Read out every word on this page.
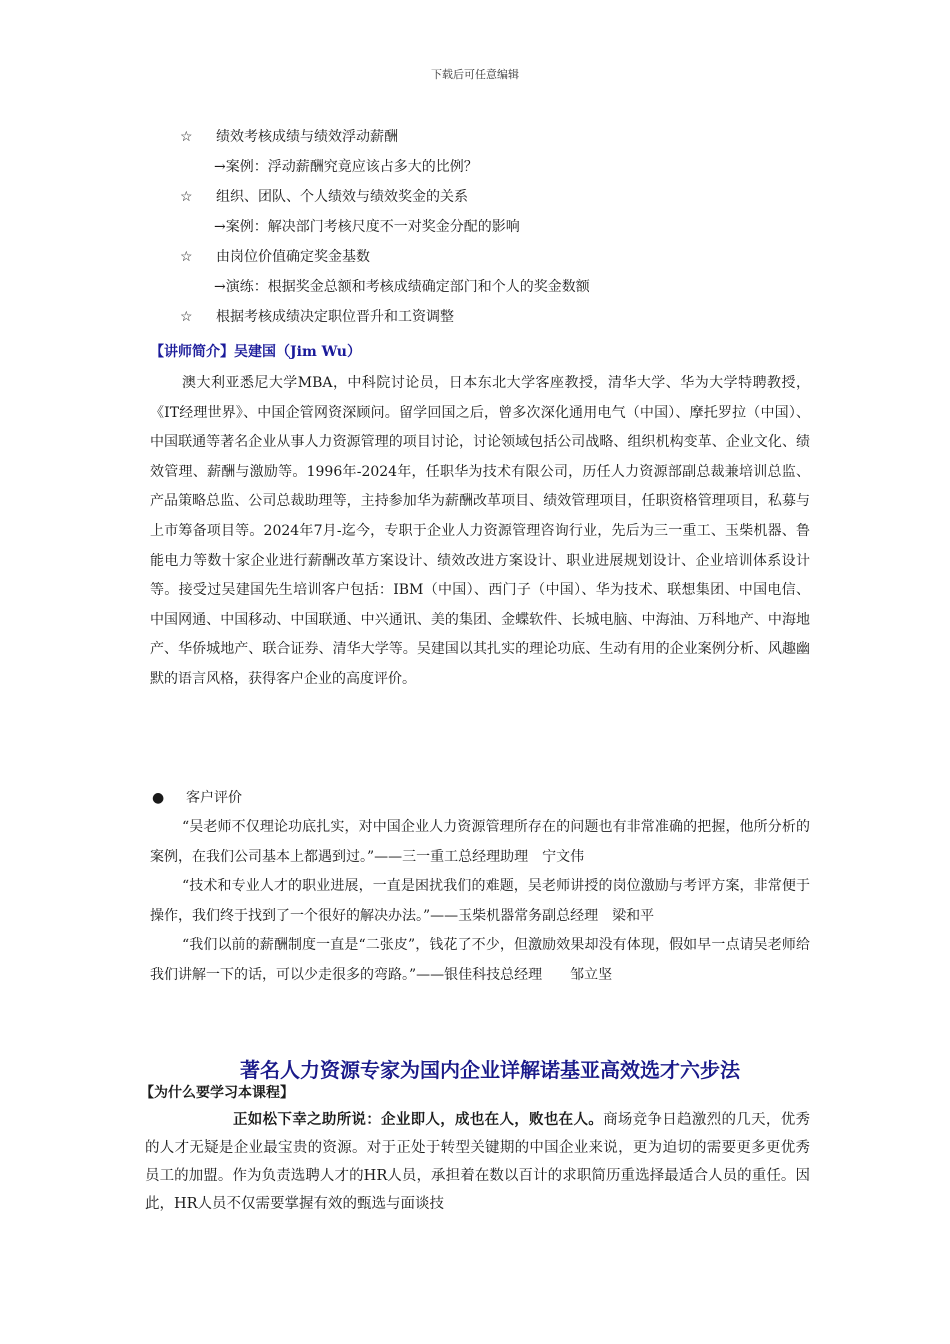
下载后可任意编辑
☆ 绩效考核成绩与绩效浮动薪酬
→案例：浮动薪酬究竟应该占多大的比例？
☆ 组织、团队、个人绩效与绩效奖金的关系
→案例：解决部门考核尺度不一对奖金分配的影响
☆ 由岗位价值确定奖金基数
→演练：根据奖金总额和考核成绩确定部门和个人的奖金数额
☆ 根据考核成绩决定职位晋升和工资调整
【讲师简介】吴建国（Jim Wu）

澳大利亚悉尼大学MBA，中科院讨论员，日本东北大学客座教授，清华大学、华为大学特聘教授，《IT经理世界》、中国企管网资深顾问。留学回国之后，曾多次深化通用电气（中国）、摩托罗拉（中国）、中国联通等著名企业从事人力资源管理的项目讨论，讨论领域包括公司战略、组织机构变革、企业文化、绩效管理、薪酬与激励等。1996年-2024年，任职华为技术有限公司，历任人力资源部副总裁兼培训总监、产品策略总监、公司总裁助理等，主持参加华为薪酬改革项目、绩效管理项目，任职资格管理项目，私募与上市筹备项目等。2024年7月-迄今，专职于企业人力资源管理咨询行业，先后为三一重工、玉柴机器、鲁能电力等数十家企业进行薪酬改革方案设计、绩效改进方案设计、职业进展规划设计、企业培训体系设计等。接受过吴建国先生培训客户包括：IBM（中国）、西门子（中国）、华为技术、联想集团、中国电信、中国网通、中国移动、中国联通、中兴通讯、美的集团、金蝶软件、长城电脑、中海油、万科地产、中海地产、华侨城地产、联合证券、清华大学等。吴建国以其扎实的理论功底、生动有用的企业案例分析、风趣幽默的语言风格，获得客户企业的高度评价。

● 客户评价

“吴老师不仅理论功底扎实，对中国企业人力资源管理所存在的问题也有非常准确的把握，他所分析的案例，在我们公司基本上都遇到过。”——三一重工总经理助理　宁文伟

“技术和专业人才的职业进展，一直是困扰我们的难题，吴老师讲授的岗位激励与考评方案，非常便于操作，我们终于找到了一个很好的解决办法。”——玉柴机器常务副总经理　梁和平

“我们以前的薪酬制度一直是“二张皮”，钱花了不少，但激励效果却没有体现，假如早一点请吴老师给我们讲解一下的话，可以少走很多的弯路。”——银佳科技总经理　　邹立坚

著名人力资源专家为国内企业详解诺基亚高效选才六步法
【为什么要学习本课程】

正如松下幸之助所说：企业即人，成也在人，败也在人。商场竞争日趋激烈的几天，优秀的人才无疑是企业最宝贵的资源。对于正处于转型关键期的中国企业来说，更为迫切的需要更多更优秀员工的加盟。作为负责选聘人才的HR人员，承担着在数以百计的求职简历重选择最适合人员的重任。因此，HR人员不仅需要掌握有效的甄选与面谈技
